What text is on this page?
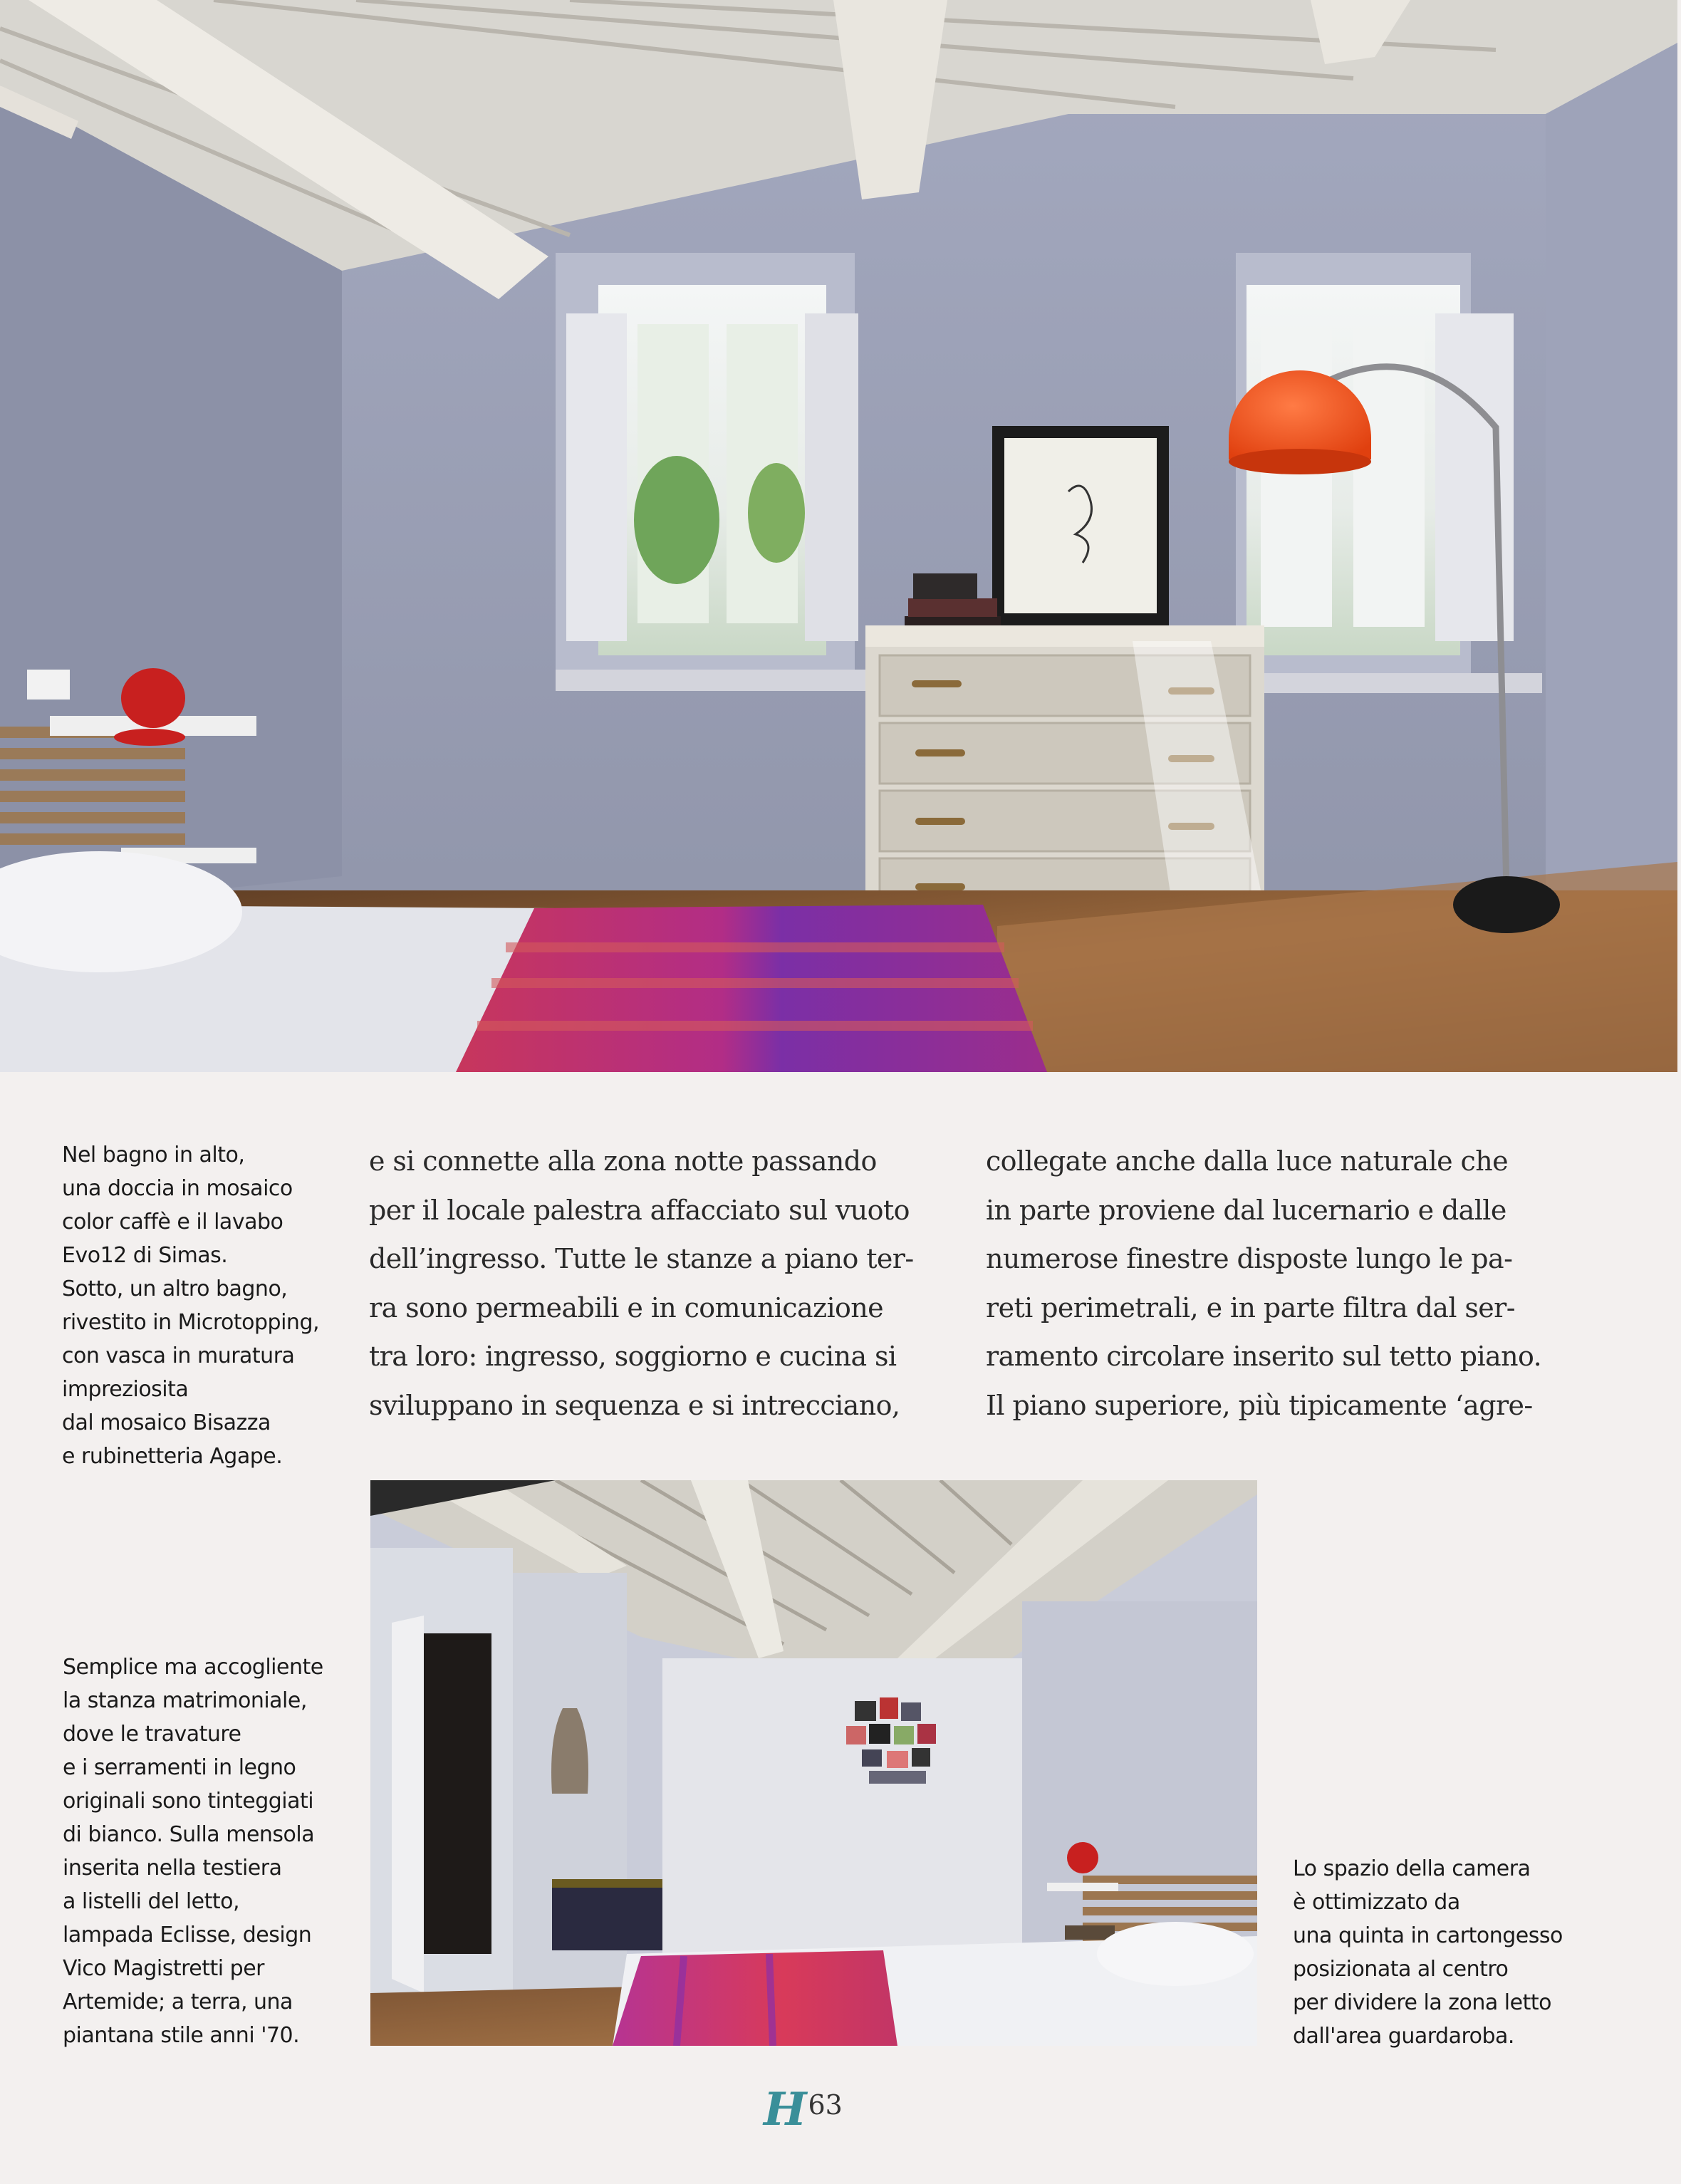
Nel bagno in alto,
una doccia in mosaico
color caffè e il lavabo
Evo12 di Simas.
Sotto, un altro bagno,
rivestito in Microtopping,
con vasca in muratura
impreziosita
dal mosaico Bisazza
e rubinetteria Agape.
e si connette alla zona notte passando
per il locale palestra affacciato sul vuoto
dell’ingresso. Tutte le stanze a piano ter-
ra sono permeabili e in comunicazione
tra loro: ingresso, soggiorno e cucina si
sviluppano in sequenza e si intrecciano,
collegate anche dalla luce naturale che
in parte proviene dal lucernario e dalle
numerose finestre disposte lungo le pa-
reti perimetrali, e in parte filtra dal ser-
ramento circolare inserito sul tetto piano.
Il piano superiore, più tipicamente ‘agre-
Semplice ma accogliente
la stanza matrimoniale,
dove le travature
e i serramenti in legno
originali sono tinteggiati
di bianco. Sulla mensola
inserita nella testiera
a listelli del letto,
lampada Eclisse, design
Vico Magistretti per
Artemide; a terra, una
piantana stile anni '70.
Lo spazio della camera
è ottimizzato da
una quinta in cartongesso
posizionata al centro
per dividere la zona letto
dall'area guardaroba.
H 63
